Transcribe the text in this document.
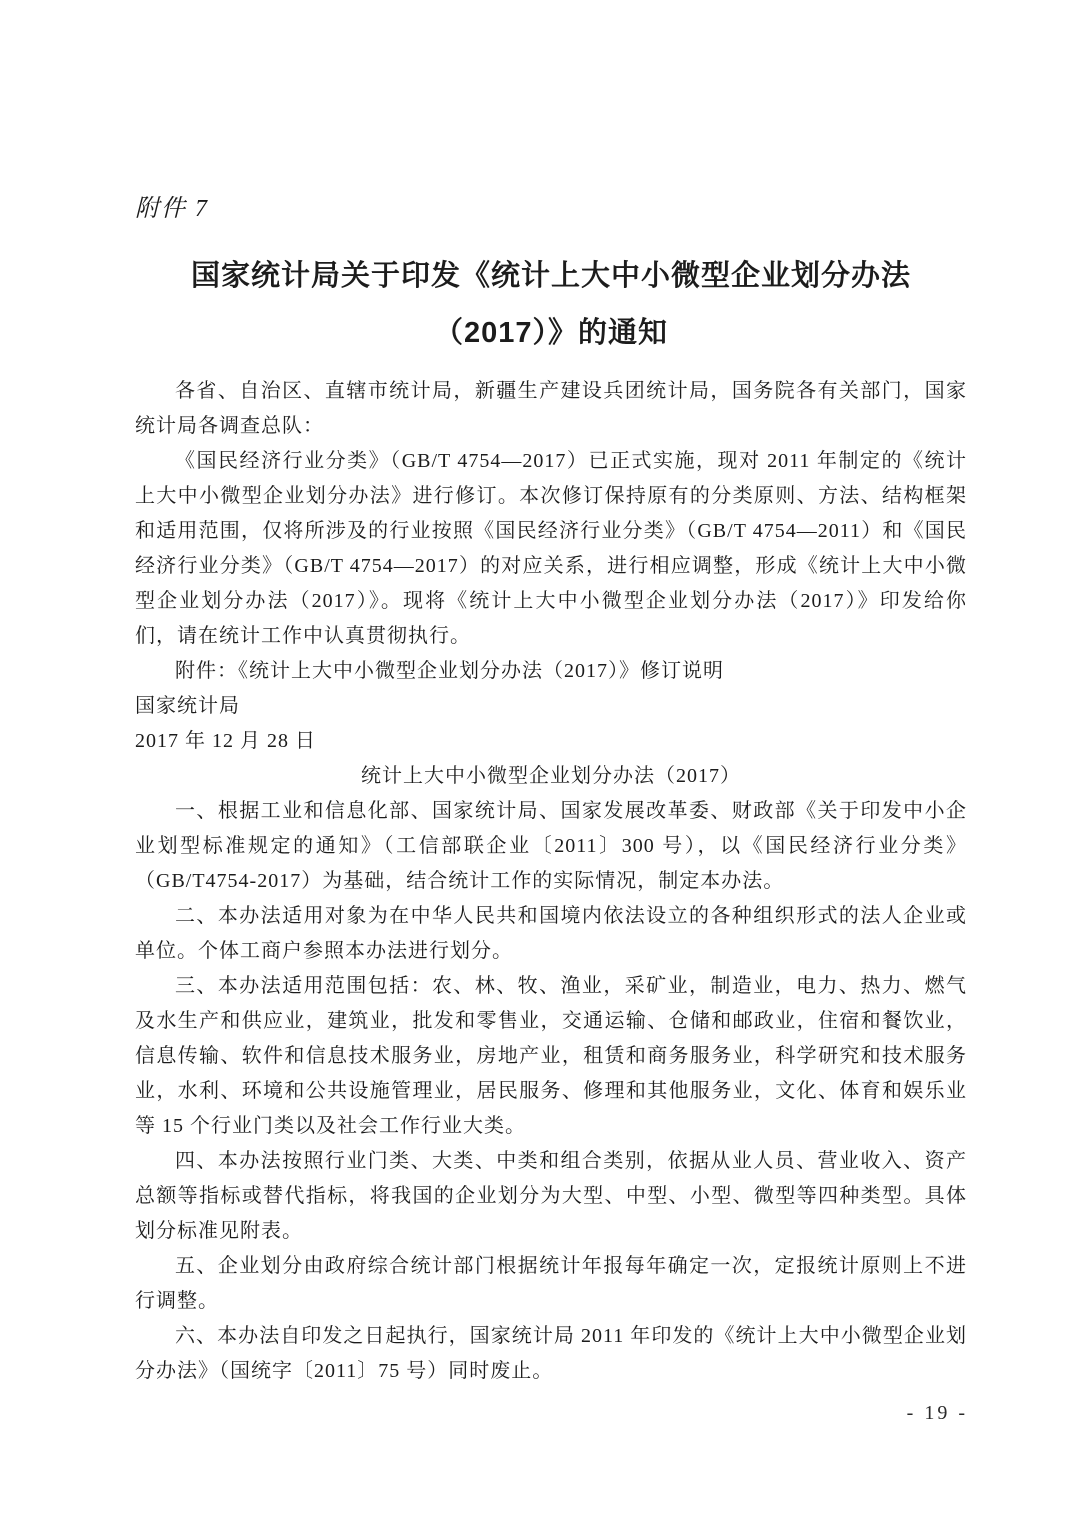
附件 7
国家统计局关于印发《统计上大中小微型企业划分办法
（2017）》的通知

各省、自治区、直辖市统计局，新疆生产建设兵团统计局，国务院各有关部门，国家统计局各调查总队：

《国民经济行业分类》（GB/T 4754—2017）已正式实施，现对 2011 年制定的《统计上大中小微型企业划分办法》进行修订。本次修订保持原有的分类原则、方法、结构框架和适用范围，仅将所涉及的行业按照《国民经济行业分类》（GB/T 4754—2011）和《国民经济行业分类》（GB/T 4754—2017）的对应关系，进行相应调整，形成《统计上大中小微型企业划分办法（2017）》。现将《统计上大中小微型企业划分办法（2017）》印发给你们，请在统计工作中认真贯彻执行。

附件：《统计上大中小微型企业划分办法（2017）》修订说明

国家统计局

2017 年 12 月 28 日

统计上大中小微型企业划分办法（2017）

一、根据工业和信息化部、国家统计局、国家发展改革委、财政部《关于印发中小企业划型标准规定的通知》（工信部联企业〔2011〕300 号），以《国民经济行业分类》（GB/T4754-2017）为基础，结合统计工作的实际情况，制定本办法。

二、本办法适用对象为在中华人民共和国境内依法设立的各种组织形式的法人企业或单位。个体工商户参照本办法进行划分。

三、本办法适用范围包括：农、林、牧、渔业，采矿业，制造业，电力、热力、燃气及水生产和供应业，建筑业，批发和零售业，交通运输、仓储和邮政业，住宿和餐饮业，信息传输、软件和信息技术服务业，房地产业，租赁和商务服务业，科学研究和技术服务业，水利、环境和公共设施管理业，居民服务、修理和其他服务业，文化、体育和娱乐业等 15 个行业门类以及社会工作行业大类。

四、本办法按照行业门类、大类、中类和组合类别，依据从业人员、营业收入、资产总额等指标或替代指标，将我国的企业划分为大型、中型、小型、微型等四种类型。具体划分标准见附表。

五、企业划分由政府综合统计部门根据统计年报每年确定一次，定报统计原则上不进行调整。

六、本办法自印发之日起执行，国家统计局 2011 年印发的《统计上大中小微型企业划分办法》（国统字〔2011〕75 号）同时废止。

- 19 -
